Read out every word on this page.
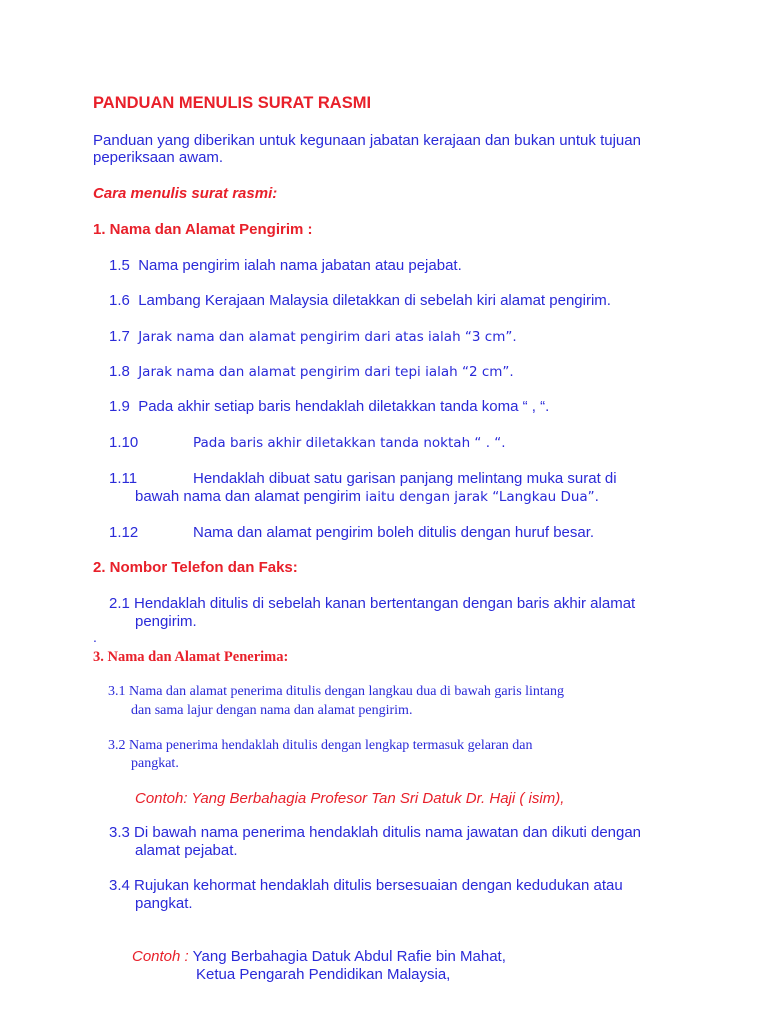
PANDUAN MENULIS SURAT RASMI
Panduan yang diberikan untuk kegunaan jabatan kerajaan dan bukan untuk tujuan
peperiksaan awam.
Cara menulis surat rasmi:
1. Nama dan Alamat Pengirim :
1.5 Nama pengirim ialah nama jabatan atau pejabat.
1.6 Lambang Kerajaan Malaysia diletakkan di sebelah kiri alamat pengirim.
1.7 Jarak nama dan alamat pengirim dari atas ialah “3 cm”.
1.8 Jarak nama dan alamat pengirim dari tepi ialah “2 cm”.
1.9 Pada akhir setiap baris hendaklah diletakkan tanda koma “ , “.
1.10	Pada baris akhir diletakkan tanda noktah “ . “.
1.11	Hendaklah dibuat satu garisan panjang melintang muka surat di
bawah nama dan alamat pengirim iaitu dengan jarak “Langkau Dua”.
1.12	Nama dan alamat pengirim boleh ditulis dengan huruf besar.
2. Nombor Telefon dan Faks:
2.1 Hendaklah ditulis di sebelah kanan bertentangan dengan baris akhir alamat
pengirim.
.
3. Nama dan Alamat Penerima:
3.1 Nama dan alamat penerima ditulis dengan langkau dua di bawah garis lintang
dan sama lajur dengan nama dan alamat pengirim.
3.2 Nama penerima hendaklah ditulis dengan lengkap termasuk gelaran dan
pangkat.
Contoh: Yang Berbahagia Profesor Tan Sri Datuk Dr. Haji ( isim),
3.3 Di bawah nama penerima hendaklah ditulis nama jawatan dan dikuti dengan
alamat pejabat.
3.4 Rujukan kehormat hendaklah ditulis bersesuaian dengan kedudukan atau
pangkat.
Contoh : Yang Berbahagia Datuk Abdul Rafie bin Mahat,
Ketua Pengarah Pendidikan Malaysia,
